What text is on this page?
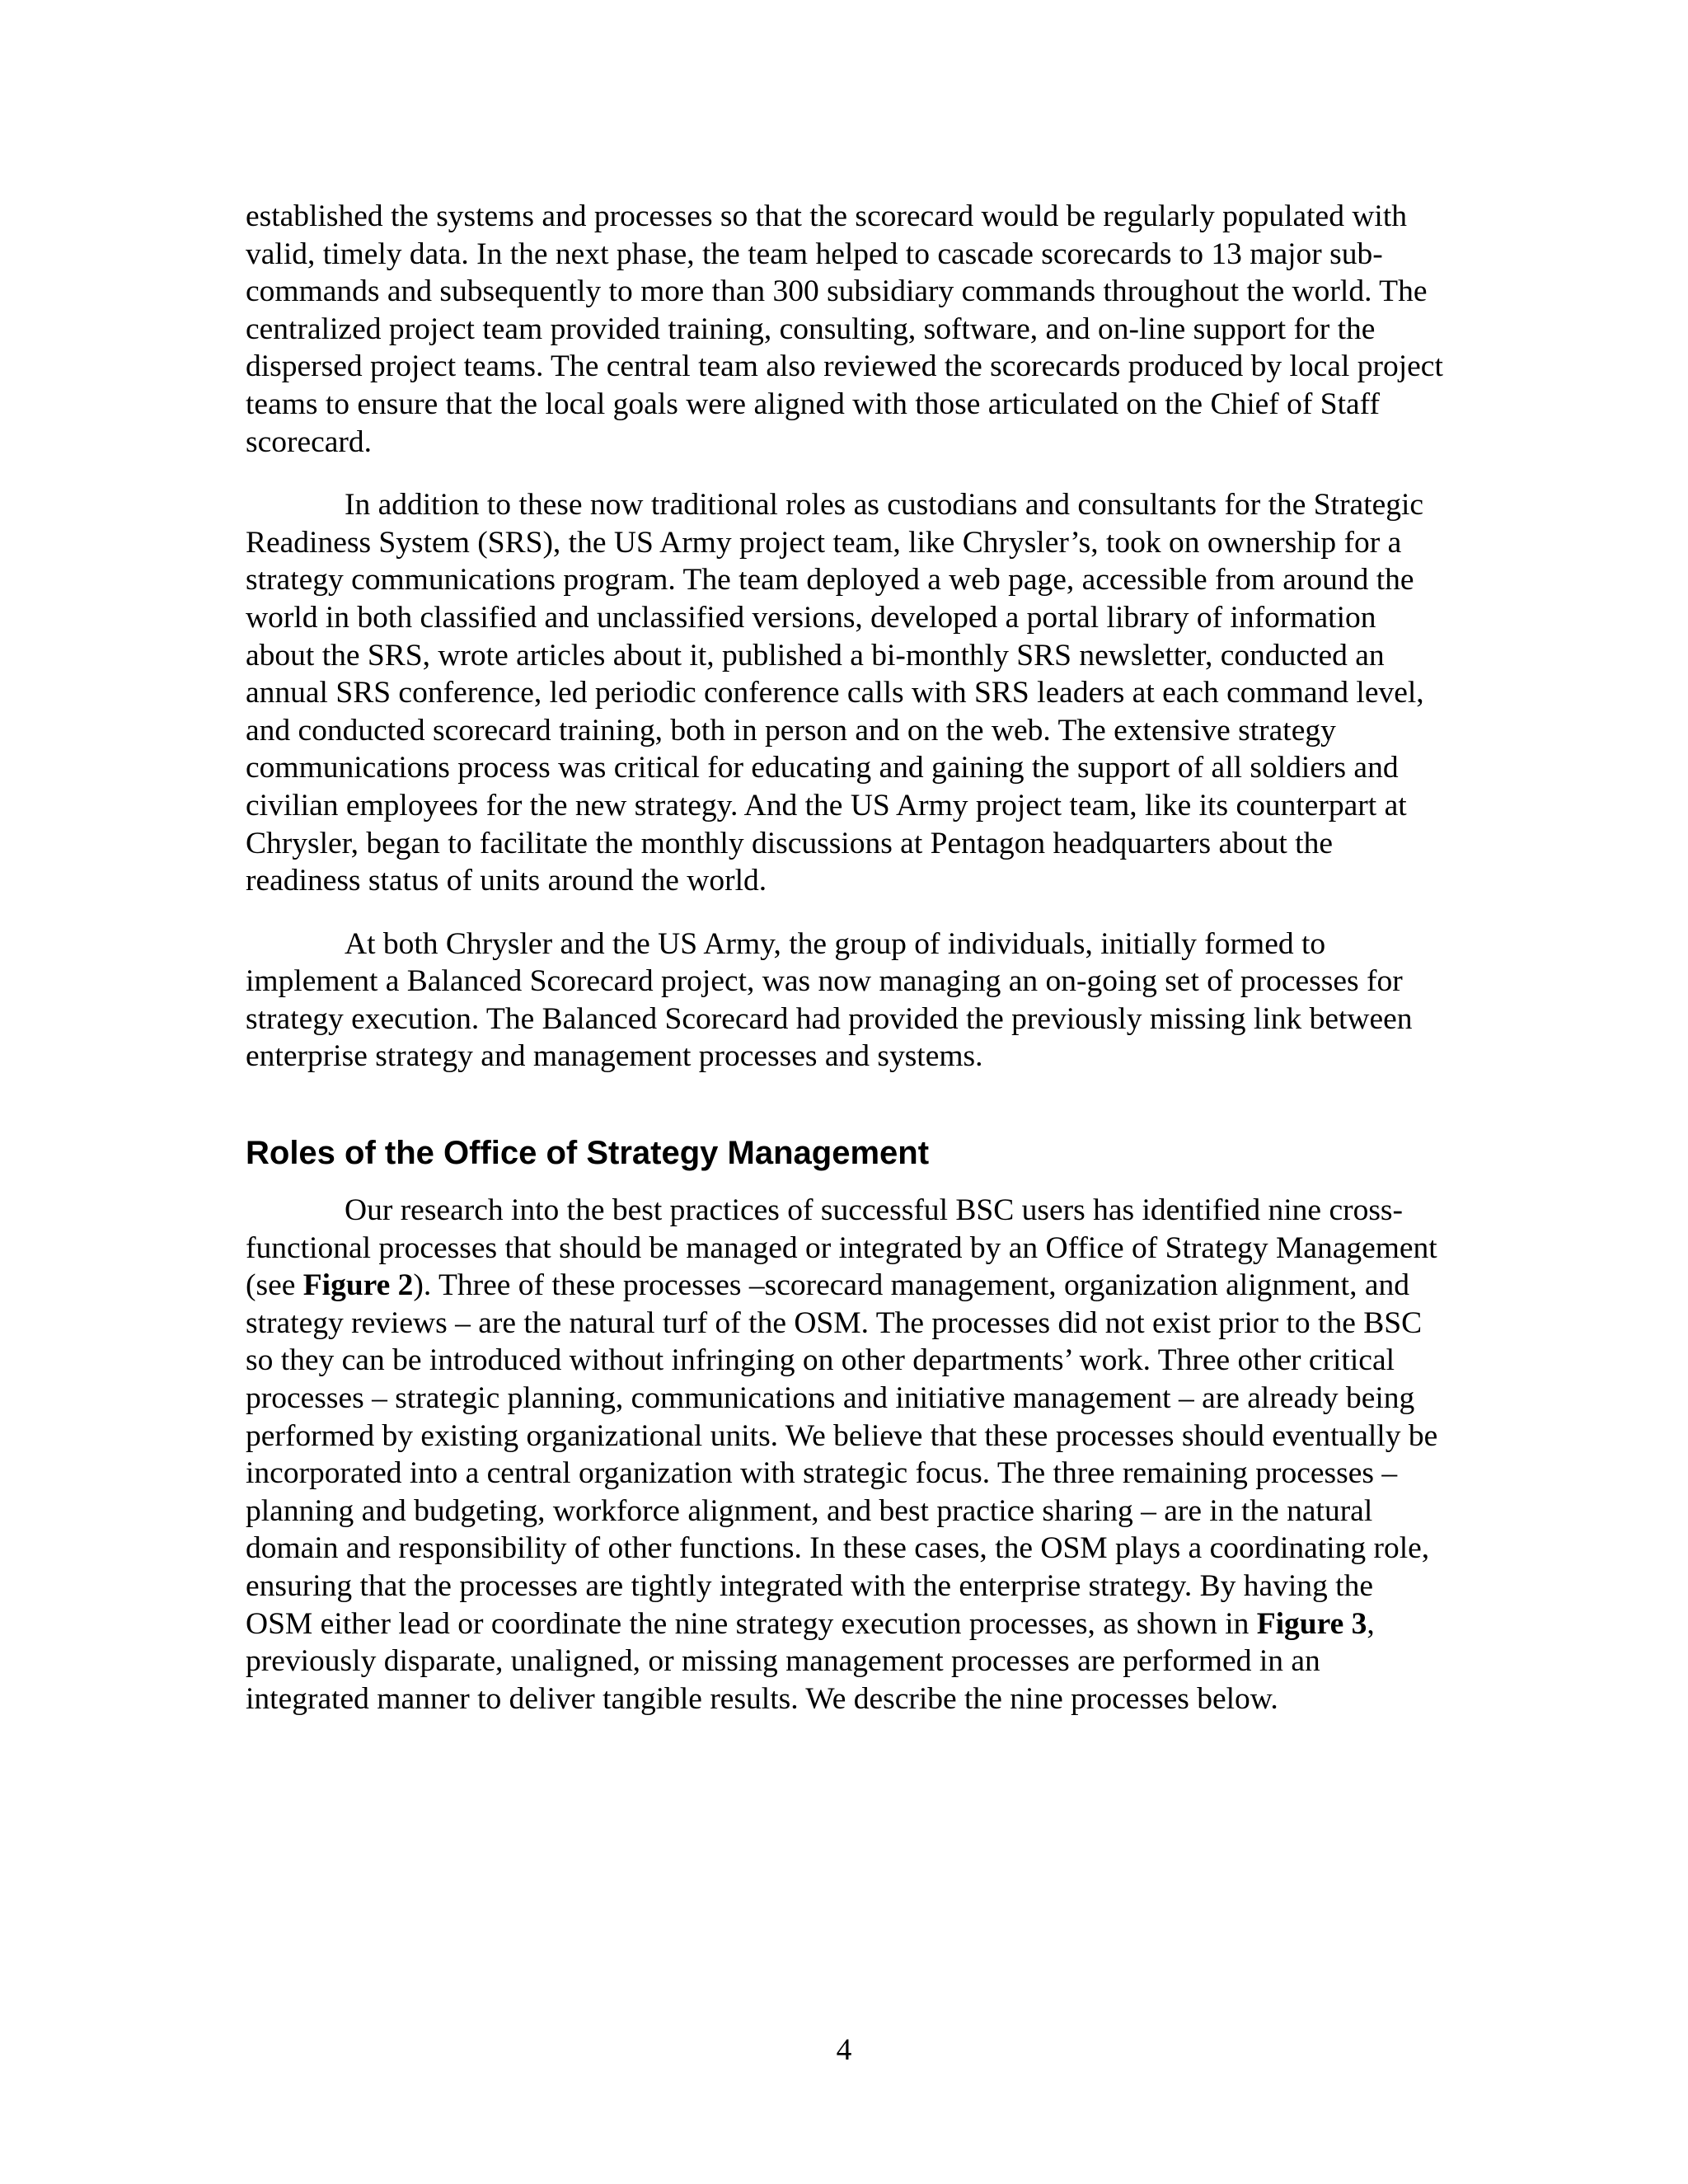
established the systems and processes so that the scorecard would be regularly populated with valid, timely data. In the next phase, the team helped to cascade scorecards to 13 major sub-commands and subsequently to more than 300 subsidiary commands throughout the world. The centralized project team provided training, consulting, software, and on-line support for the dispersed project teams. The central team also reviewed the scorecards produced by local project teams to ensure that the local goals were aligned with those articulated on the Chief of Staff scorecard.

In addition to these now traditional roles as custodians and consultants for the Strategic Readiness System (SRS), the US Army project team, like Chrysler’s, took on ownership for a strategy communications program. The team deployed a web page, accessible from around the world in both classified and unclassified versions, developed a portal library of information about the SRS, wrote articles about it, published a bi-monthly SRS newsletter, conducted an annual SRS conference, led periodic conference calls with SRS leaders at each command level, and conducted scorecard training, both in person and on the web. The extensive strategy communications process was critical for educating and gaining the support of all soldiers and civilian employees for the new strategy. And the US Army project team, like its counterpart at Chrysler, began to facilitate the monthly discussions at Pentagon headquarters about the readiness status of units around the world.

At both Chrysler and the US Army, the group of individuals, initially formed to implement a Balanced Scorecard project, was now managing an on-going set of processes for strategy execution. The Balanced Scorecard had provided the previously missing link between enterprise strategy and management processes and systems.

Roles of the Office of Strategy Management

Our research into the best practices of successful BSC users has identified nine cross-functional processes that should be managed or integrated by an Office of Strategy Management (see Figure 2). Three of these processes –scorecard management, organization alignment, and strategy reviews – are the natural turf of the OSM. The processes did not exist prior to the BSC so they can be introduced without infringing on other departments’ work. Three other critical processes – strategic planning, communications and initiative management – are already being performed by existing organizational units. We believe that these processes should eventually be incorporated into a central organization with strategic focus. The three remaining processes – planning and budgeting, workforce alignment, and best practice sharing – are in the natural domain and responsibility of other functions. In these cases, the OSM plays a coordinating role, ensuring that the processes are tightly integrated with the enterprise strategy. By having the OSM either lead or coordinate the nine strategy execution processes, as shown in Figure 3, previously disparate, unaligned, or missing management processes are performed in an integrated manner to deliver tangible results. We describe the nine processes below.

4
